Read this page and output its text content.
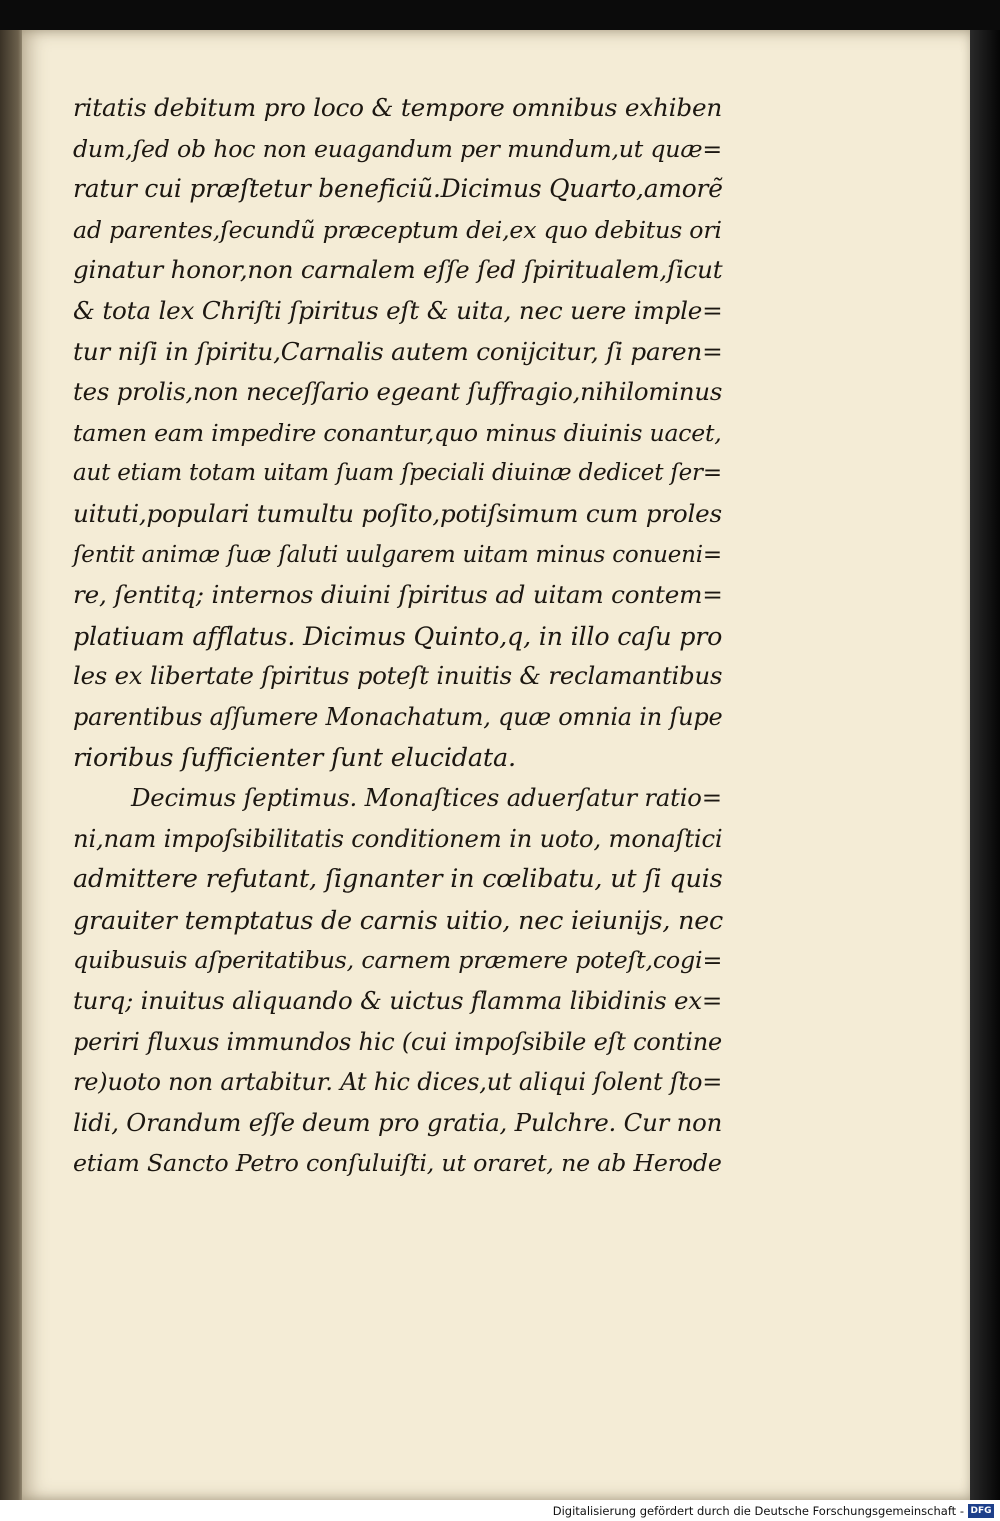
ritatis debitum pro loco & tempore omnibus exhiben
dum,ſed ob hoc non euagandum per mundum,ut quæ=
ratur cui præſtetur beneficiũ.Dicimus Quarto,amorẽ
ad parentes,ſecundũ præceptum dei,ex quo debitus ori
ginatur honor,non carnalem eſſe ſed ſpiritualem,ſicut
& tota lex Chriſti ſpiritus eſt & uita, nec uere imple=
tur niſi in ſpiritu,Carnalis autem conijcitur, ſi paren=
tes prolis,non neceſſario egeant ſuffragio,nihilominus
tamen eam impedire conantur,quo minus diuinis uacet,
aut etiam totam uitam ſuam ſpeciali diuinæ dedicet ſer=
uituti,populari tumultu poſito,potiſsimum cum proles
ſentit animæ ſuæ ſaluti uulgarem uitam minus conueni=
re, ſentitq; internos diuini ſpiritus ad uitam contem=
platiuam afflatus. Dicimus Quinto,q, in illo caſu pro
les ex libertate ſpiritus poteſt inuitis & reclamantibus
parentibus aſſumere Monachatum, quæ omnia in ſupe
rioribus ſufficienter ſunt elucidata.
Decimus ſeptimus. Monaſtices aduerſatur ratio=
ni,nam impoſsibilitatis conditionem in uoto, monaſtici
admittere refutant, ſignanter in cœlibatu, ut ſi quis
grauiter temptatus de carnis uitio, nec ieiunijs, nec
quibusuis aſperitatibus, carnem præmere poteſt,cogi=
turq; inuitus aliquando & uictus flamma libidinis ex=
periri fluxus immundos hic (cui impoſsibile eſt contine
re)uoto non artabitur. At hic dices,ut aliqui ſolent ſto=
lidi, Orandum eſſe deum pro gratia, Pulchre. Cur non
etiam Sancto Petro conſuluiſti, ut oraret, ne ab Herode
Digitalisierung gefördert durch die Deutsche Forschungsgemeinschaft - DFG
